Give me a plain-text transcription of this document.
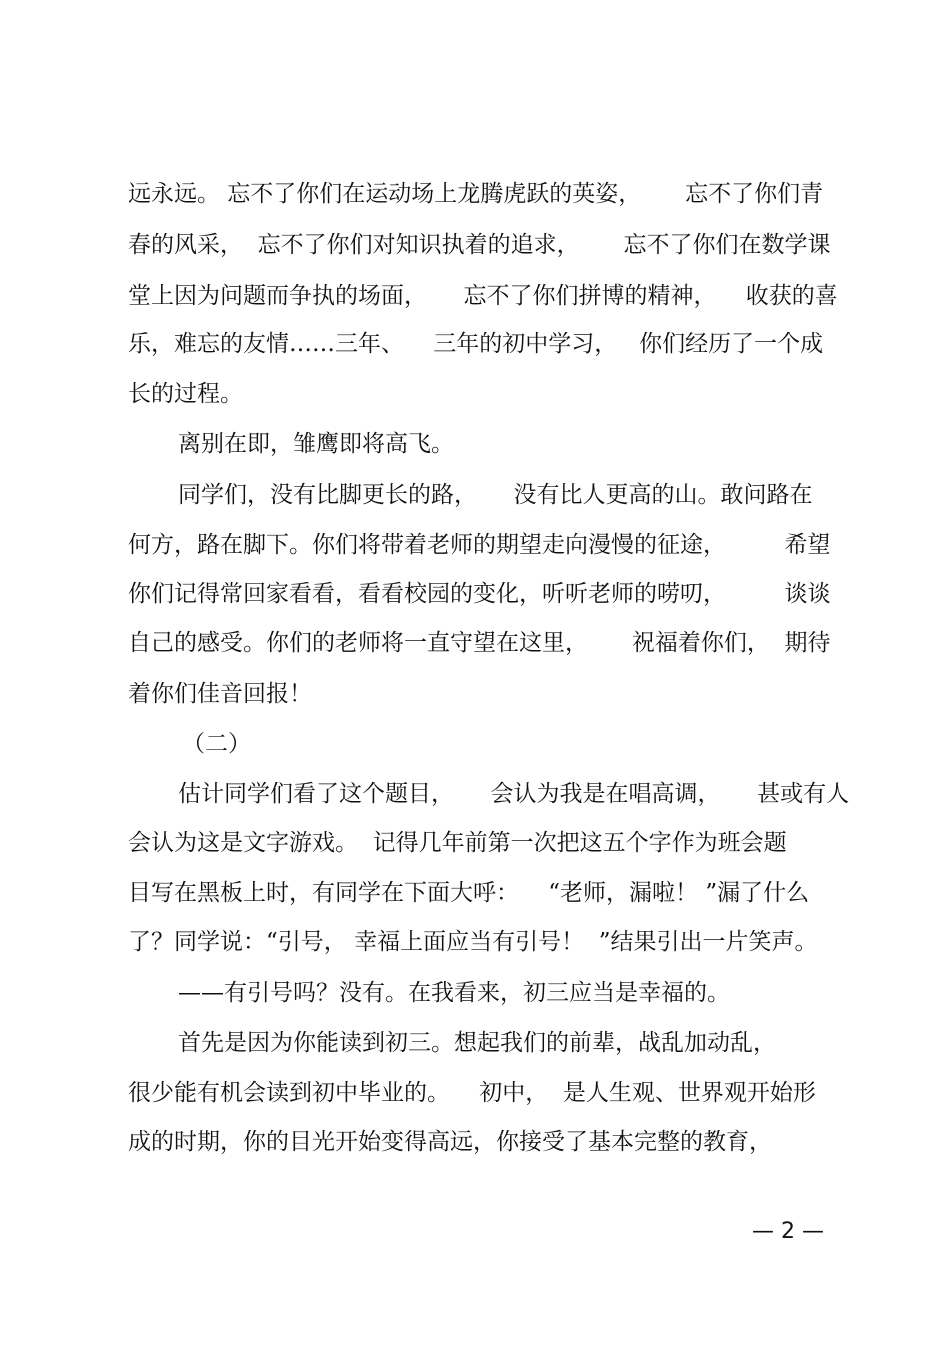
远永远。 忘不了你们在运动场上龙腾虎跃的英姿，      忘不了你们青

春的风采，  忘不了你们对知识执着的追求，      忘不了你们在数学课

堂上因为问题而争执的场面，     忘不了你们拼博的精神，    收获的喜

乐，难忘的友情……三年、    三年的初中学习，   你们经历了一个成

长的过程。

离别在即，雏鹰即将高飞。

同学们，没有比脚更长的路，     没有比人更高的山。敢问路在

何方，路在脚下。你们将带着老师的期望走向漫慢的征途，        希望

你们记得常回家看看，看看校园的变化，听听老师的唠叨，        谈谈

自己的感受。你们的老师将一直守望在这里，      祝福着你们，  期待

着你们佳音回报！

（二）

估计同学们看了这个题目，     会认为我是在唱高调，     甚或有人

会认为这是文字游戏。  记得几年前第一次把这五个字作为班会题

目写在黑板上时，有同学在下面大呼：    “老师，漏啦！ ”漏了什么

了？同学说：“引号， 幸福上面应当有引号！  ”结果引出一片笑声。

——有引号吗？没有。在我看来，初三应当是幸福的。

首先是因为你能读到初三。想起我们的前辈，战乱加动乱，

很少能有机会读到初中毕业的。    初中，  是人生观、世界观开始形

成的时期，你的目光开始变得高远，你接受了基本完整的教育，

— 2 —
